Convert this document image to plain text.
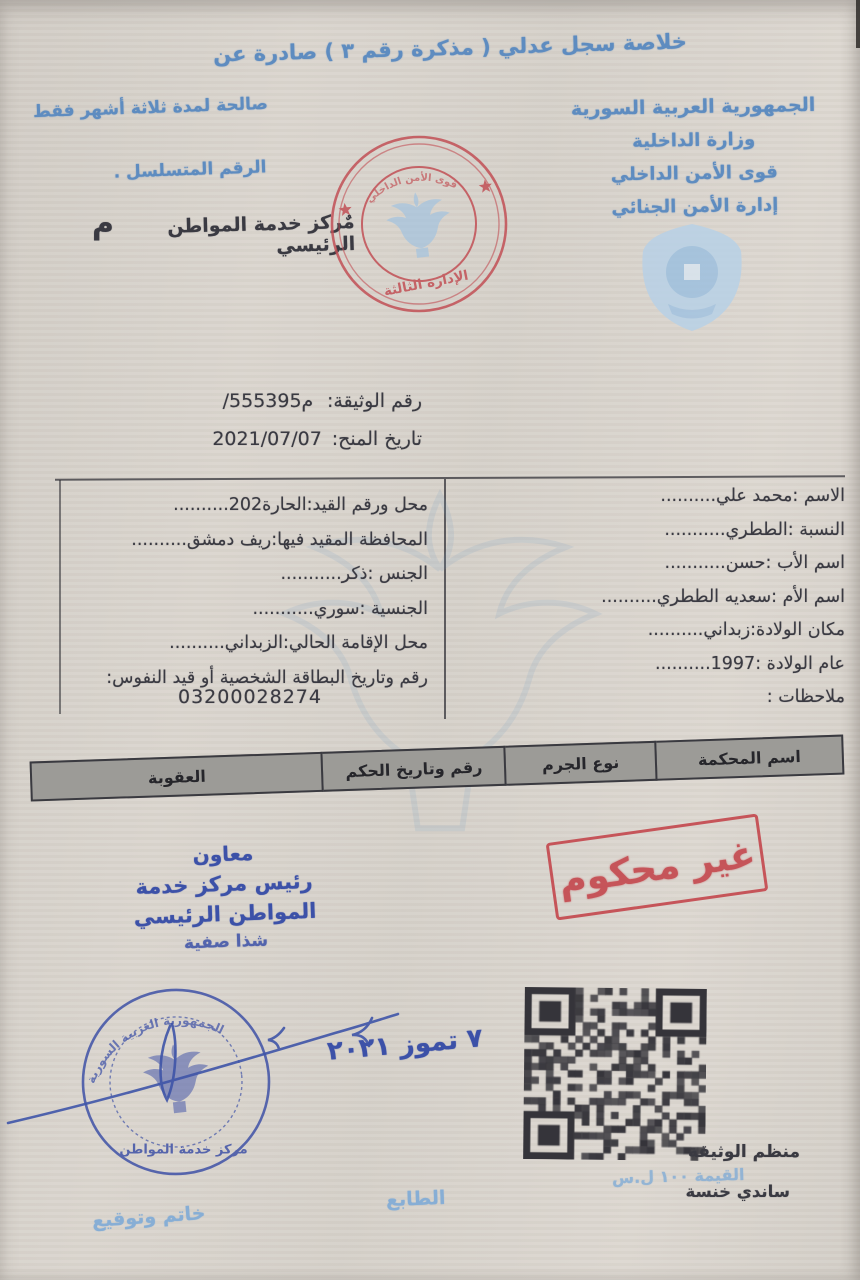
خلاصة سجل عدلي ( مذكرة رقم ٣ ) صادرة عن
الجمهورية العربية السورية
وزارة الداخلية
قوى الأمن الداخلي
إدارة الأمن الجنائي
صالحة لمدة ثلاثة أشهر فقط
الرقم المتسلسل .
مٌركز خدمة المواطن الرئيسي
م
قوى الأمن الداخلي
الإدارة الثالثة
رقم الوثيقة:   /555395م
تاريخ المنح:  2021/07/07
الاسم :محمد علي..........
النسبة :الططري...........
اسم الأب :حسن...........
اسم الأم :سعديه الططري..........
مكان الولادة:زبداني..........
عام الولادة :1997..........
ملاحظات :
محل ورقم القيد:الحارة202..........
المحافظة المقيد فيها:ريف دمشق..........
الجنس :ذكر...........
الجنسية :سوري...........
محل الإقامة الحالي:الزبداني..........
رقم وتاريخ البطاقة الشخصية أو قيد النفوس:
03200028274
اسم المحكمة
نوع الجرم
رقم وتاريخ الحكم
العقوبة
غير محكوم
معاون
رئيس مركز خدمة
المواطن الرئيسي
شذا صفية
٧ تموز ٢٠٢١
الجمهورية العربية السورية
مركز خدمة المواطن	منظم الوثيقة
القيمة ١٠٠ ل.س
ساندي خنسة
الطابع
خاتم وتوقيع
